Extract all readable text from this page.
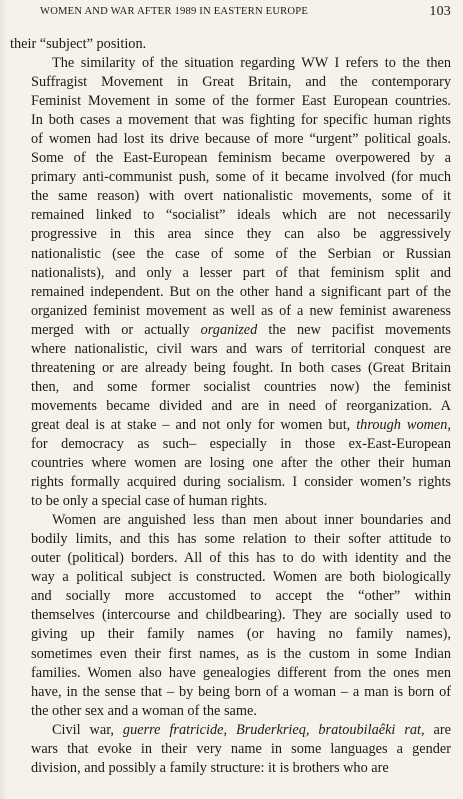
WOMEN AND WAR AFTER 1989 IN EASTERN EUROPE	103

their “subject” position.

The similarity of the situation regarding WW I refers to the then
Suffragist Movement in Great Britain, and the contemporary
Feminist Movement in some of the former East European countries.
In both cases a movement that was fighting for specific human rights
of women had lost its drive because of more “urgent” political goals.
Some of the East-European feminism became overpowered by a
primary anti-communist push, some of it became involved (for much
the same reason) with overt nationalistic movements, some of it
remained linked to “socialist” ideals which are not necessarily
progressive in this area since they can also be aggressively
nationalistic (see the case of some of the Serbian or Russian
nationalists), and only a lesser part of that feminism split and
remained independent. But on the other hand a significant part of the
organized feminist movement as well as of a new feminist awareness
merged with or actually organized the new pacifist movements
where nationalistic, civil wars and wars of territorial conquest are
threatening or are already being fought. In both cases (Great Britain
then, and some former socialist countries now) the feminist
movements became divided and are in need of reorganization. A
great deal is at stake – and not only for women but, through women,
for democracy as such– especially in those ex-East-European
countries where women are losing one after the other their human
rights formally acquired during socialism. I consider women’s rights
to be only a special case of human rights.

Women are anguished less than men about inner boundaries and
bodily limits, and this has some relation to their softer attitude to
outer (political) borders. All of this has to do with identity and the
way a political subject is constructed. Women are both biologically
and socially more accustomed to accept the “other” within
themselves (intercourse and childbearing). They are socially used to
giving up their family names (or having no family names),
sometimes even their first names, as is the custom in some Indian
families. Women also have genealogies different from the ones men
have, in the sense that – by being born of a woman – a man is born of
the other sex and a woman of the same.

Civil war, guerre fratricide, Bruderkrieq, bratoubilaêki rat, are
wars that evoke in their very name in some languages a gender
division, and possibly a family structure: it is brothers who are
